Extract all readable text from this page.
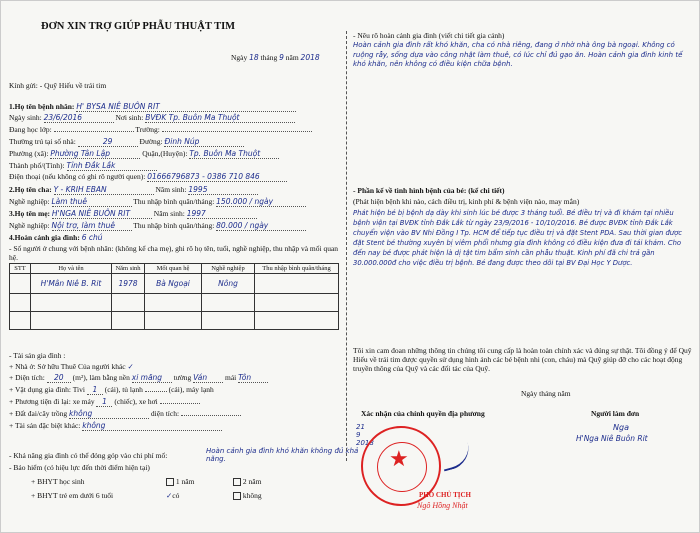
ĐƠN XIN TRỢ GIÚP PHẪU THUẬT TIM
Ngày 18 tháng 9 năm 2018
Kính gửi: - Quỹ Hiếu về trái tim
1.Họ tên bệnh nhân: H' BYSA NIÊ BUÔN RIT
Ngày sinh: 23/6/2016	Nơi sinh: BVĐK Tp. Buôn Ma Thuột
Đang học lớp:	Trường:
Thường trú tại số nhà:	29	Đường: Đinh Núp
Phường (xã): Phường Tân Lập	Quận,(Huyện): Tp. Buôn Ma Thuột
Thành phố/(Tỉnh): Tỉnh Đắk Lắk
Điện thoại (nếu không có ghi rõ người quen): 01666796873 - 0386 710 846
2.Họ tên cha: Y - KRIH EBAN	Năm sinh: 1995
Nghề nghiệp: Làm thuê	Thu nhập bình quân/tháng: 150.000 / ngày
3.Họ tên mẹ: H'NGA NIÊ BUÔN RIT	Năm sinh: 1997
Nghề nghiệp: Nội trợ, làm thuê Thu nhập bình quân/tháng: 80.000 / ngày
4.Hoàn cảnh gia đình: 6 chú
- Số người ở chung với bệnh nhân: (không kể cha mẹ), ghi rõ họ tên, tuổi, nghề nghiệp, thu nhập và mối quan hệ.
STT	Họ và tên	Năm sinh	Mối quan hệ	Nghề nghiệp	Thu nhập bình quân/tháng
	H'Mân Niê B. Rit	1978	Bà Ngoại	Nông	

- Tài sản gia đình :
+ Nhà ở: Sở hữu Thuê Của người khác ✓
+ Diện tích: 20 (m²), làm bằng nền xi măng tường Ván mái Tôn
+ Vật dụng gia đình: Tivi 1 (cái), tủ lạnh	(cái), máy lạnh
+ Phương tiện đi lại: xe máy 1 (chiếc), xe hơi
+ Đất đai/cây trồng không	diện tích:
+ Tài sản đặc biệt khác: không
- Khả năng gia đình có thể đóng góp vào chi phí mổ:	Hoàn cảnh gia đình khó khăn không đủ khả năng.
- Bảo hiểm (có hiệu lực đến thời điểm hiện tại)
+ BHYT học sinh	1 năm	2 năm
+ BHYT trẻ em dưới 6 tuổi	✓có	không
- Nêu rõ hoàn cảnh gia đình (viết chi tiết gia cảnh)
Hoàn cảnh gia đình rất khó khăn, cha có nhà riêng, đang ở nhờ nhà ông bà ngoại. Không có ruộng rẫy, sống dựa vào công nhật làm thuê, có lúc chỉ đủ gạo ăn. Hoàn cảnh gia đình kinh tế khó khăn, nên không có điều kiện chữa bệnh.
- Phần kể về tình hình bệnh của bé: (kể chi tiết)
(Phát hiện bệnh khi nào, cách điều trị, kinh phí & bệnh viện nào, may mắn)
Phát hiện bé bị bệnh dạ dày khi sinh lúc bé được 3 tháng tuổi. Bé điều trị và đi khám tại nhiều bệnh viện tại BVĐK tỉnh Đắk Lắk từ ngày 23/9/2016 - 10/10/2016. Bé được BVĐK tỉnh Đắk Lắk chuyển viện vào BV Nhi Đồng I Tp. HCM để tiếp tục điều trị và đặt Stent PDA. Sau thời gian được đặt Stent bé thường xuyên bị viêm phổi nhưng gia đình không có điều kiện đưa đi tái khám. Cho đến nay bé được phát hiện là dị tật tim bẩm sinh cần phẫu thuật. Kinh phí đã chi trả gần 30.000.000đ cho việc điều trị bệnh. Bé đang được theo dõi tại BV Đại Học Y Dược.
Tôi xin cam đoan những thông tin chúng tôi cung cấp là hoàn toàn chính xác và đúng sự thật. Tôi đồng ý để Quỹ Hiếu về trái tim được quyền sử dụng hình ảnh các bé bệnh nhi (con, cháu) mà Quỹ giúp đỡ cho các hoạt động truyền thông của Quỹ và các đối tác của Quỹ.
Ngày tháng năm
Xác nhận của chính quyền địa phương	Người làm đơn
Nga
H'Nga Niê Buôn Rit
21
9
2018
★
PHÓ CHỦ TỊCH
Ngô Hồng Nhật
